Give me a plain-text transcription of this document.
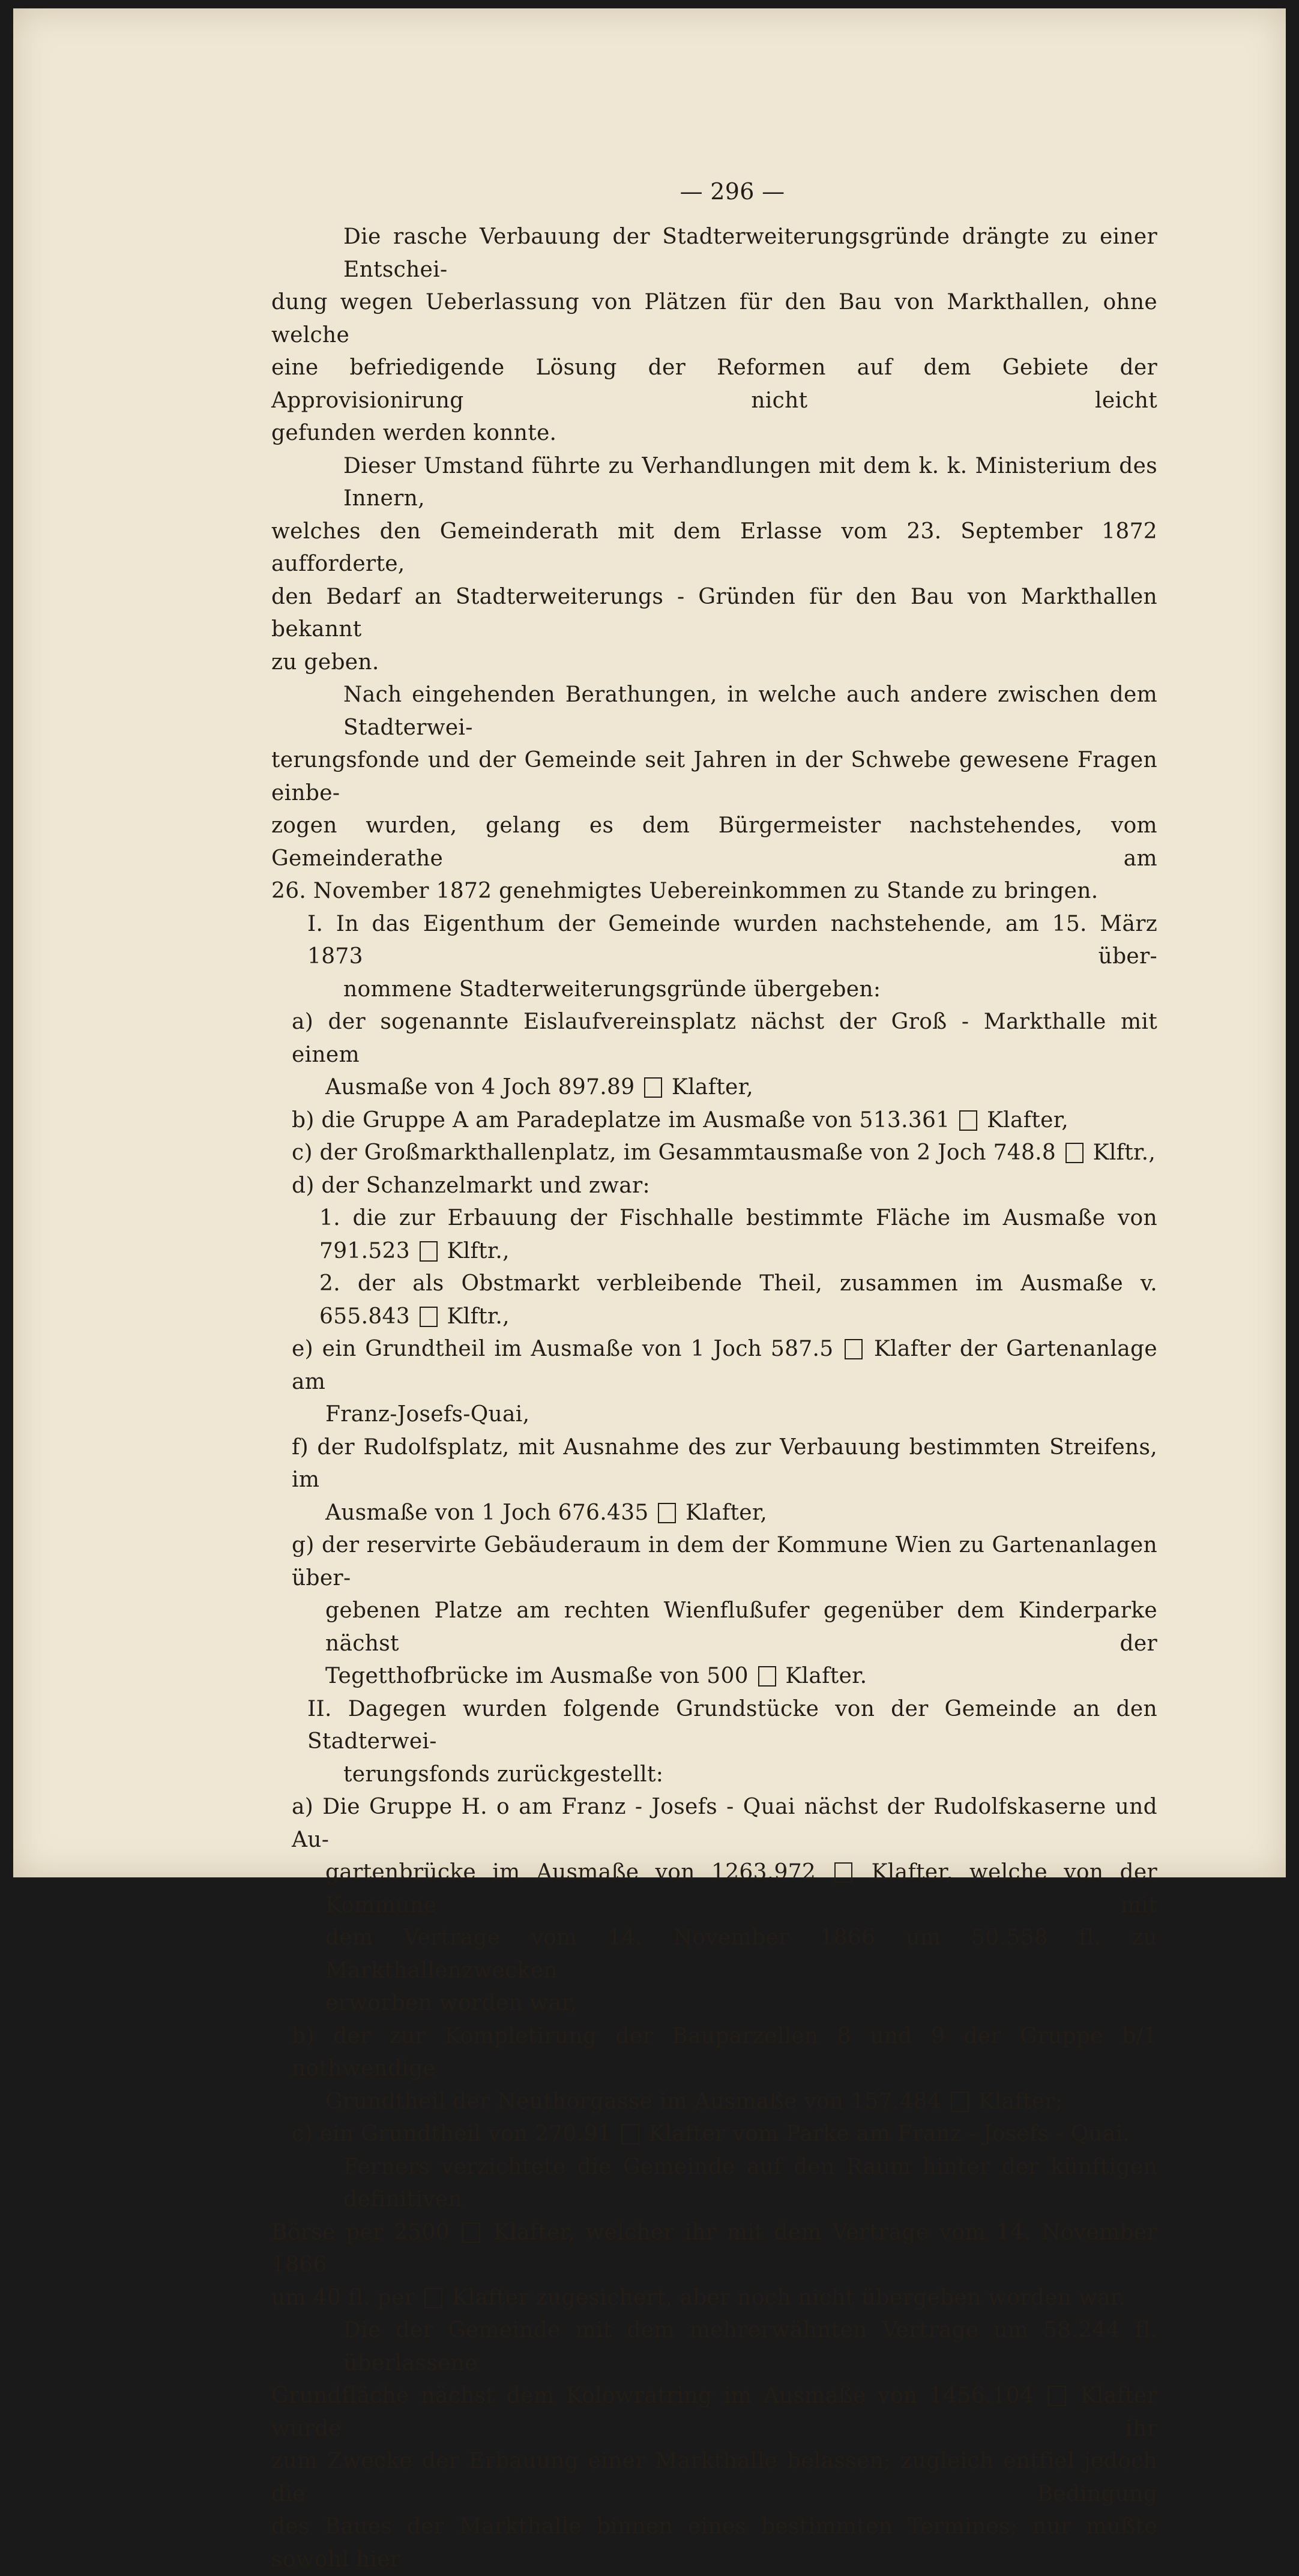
— 296 —

Die rasche Verbauung der Stadterweiterungsgründe drängte zu einer Entschei-
dung wegen Ueberlassung von Plätzen für den Bau von Markthallen, ohne welche
eine befriedigende Lösung der Reformen auf dem Gebiete der Approvisionirung nicht leicht
gefunden werden konnte.

Dieser Umstand führte zu Verhandlungen mit dem k. k. Ministerium des Innern,
welches den Gemeinderath mit dem Erlasse vom 23. September 1872 aufforderte,
den Bedarf an Stadterweiterungs - Gründen für den Bau von Markthallen bekannt
zu geben.

Nach eingehenden Berathungen, in welche auch andere zwischen dem Stadterwei-
terungsfonde und der Gemeinde seit Jahren in der Schwebe gewesene Fragen einbe-
zogen wurden, gelang es dem Bürgermeister nachstehendes, vom Gemeinderathe am
26. November 1872 genehmigtes Uebereinkommen zu Stande zu bringen.

I. In das Eigenthum der Gemeinde wurden nachstehende, am 15. März 1873 über-
nommene Stadterweiterungsgründe übergeben:

a) der sogenannte Eislaufvereinsplatz nächst der Groß - Markthalle mit einem
Ausmaße von 4 Joch 897.89  Klafter,

b) die Gruppe A am Paradeplatze im Ausmaße von 513.361  Klafter,

c) der Großmarkthallenplatz, im Gesammtausmaße von 2 Joch 748.8  Klftr.,

d) der Schanzelmarkt und zwar:

1. die zur Erbauung der Fischhalle bestimmte Fläche im Ausmaße von 791.523  Klftr.,

2. der als Obstmarkt verbleibende Theil, zusammen im Ausmaße v. 655.843  Klftr.,

e) ein Grundtheil im Ausmaße von 1 Joch 587.5  Klafter der Gartenanlage am
Franz-Josefs-Quai,

f) der Rudolfsplatz, mit Ausnahme des zur Verbauung bestimmten Streifens, im
Ausmaße von 1 Joch 676.435  Klafter,

g) der reservirte Gebäuderaum in dem der Kommune Wien zu Gartenanlagen über-
gebenen Platze am rechten Wienflußufer gegenüber dem Kinderparke nächst der
Tegetthofbrücke im Ausmaße von 500  Klafter.

II. Dagegen wurden folgende Grundstücke von der Gemeinde an den Stadterwei-
terungsfonds zurückgestellt:

a) Die Gruppe H. o am Franz - Josefs - Quai nächst der Rudolfskaserne und Au-
gartenbrücke im Ausmaße von 1263.972  Klafter, welche von der Kommune mit
dem Vertrage vom 14. November 1866 um 50.558 fl. zu Markthallenzwecken
erworben worden war,

b) der zur Kompletirung der Bauparzellen 8 und 9 der Gruppe b/1 nothwendige
Grundtheil der Neuthorgasse im Ausmaße von 157.484  Klafter;

c) ein Grundtheil von 270.91  Klafter vom Parke am Franz - Josefs - Quai.

Ferners verzichtete die Gemeinde auf den Raum hinter der künftigen definitiven
Börse per 2500  Klafter, welcher ihr mit dem Vertrage vom 14. November 1866
um 40 fl. per  Klafter zugesichert, aber noch nicht übergeben worden war.

Die der Gemeinde mit dem mehrerwähnten Vertrage um 58.244 fl. überlassene
Grundfläche nächst dem Kolowratring im Ausmaße von 1456.104  Klafter wurde ihr
zum Zwecke der Erbauung einer Markthalle belassen; zugleich entfiel jedoch die Bedingung
des Baues der Markthalle binnen eines bestimmten Termines; nur mußte sowohl hier
